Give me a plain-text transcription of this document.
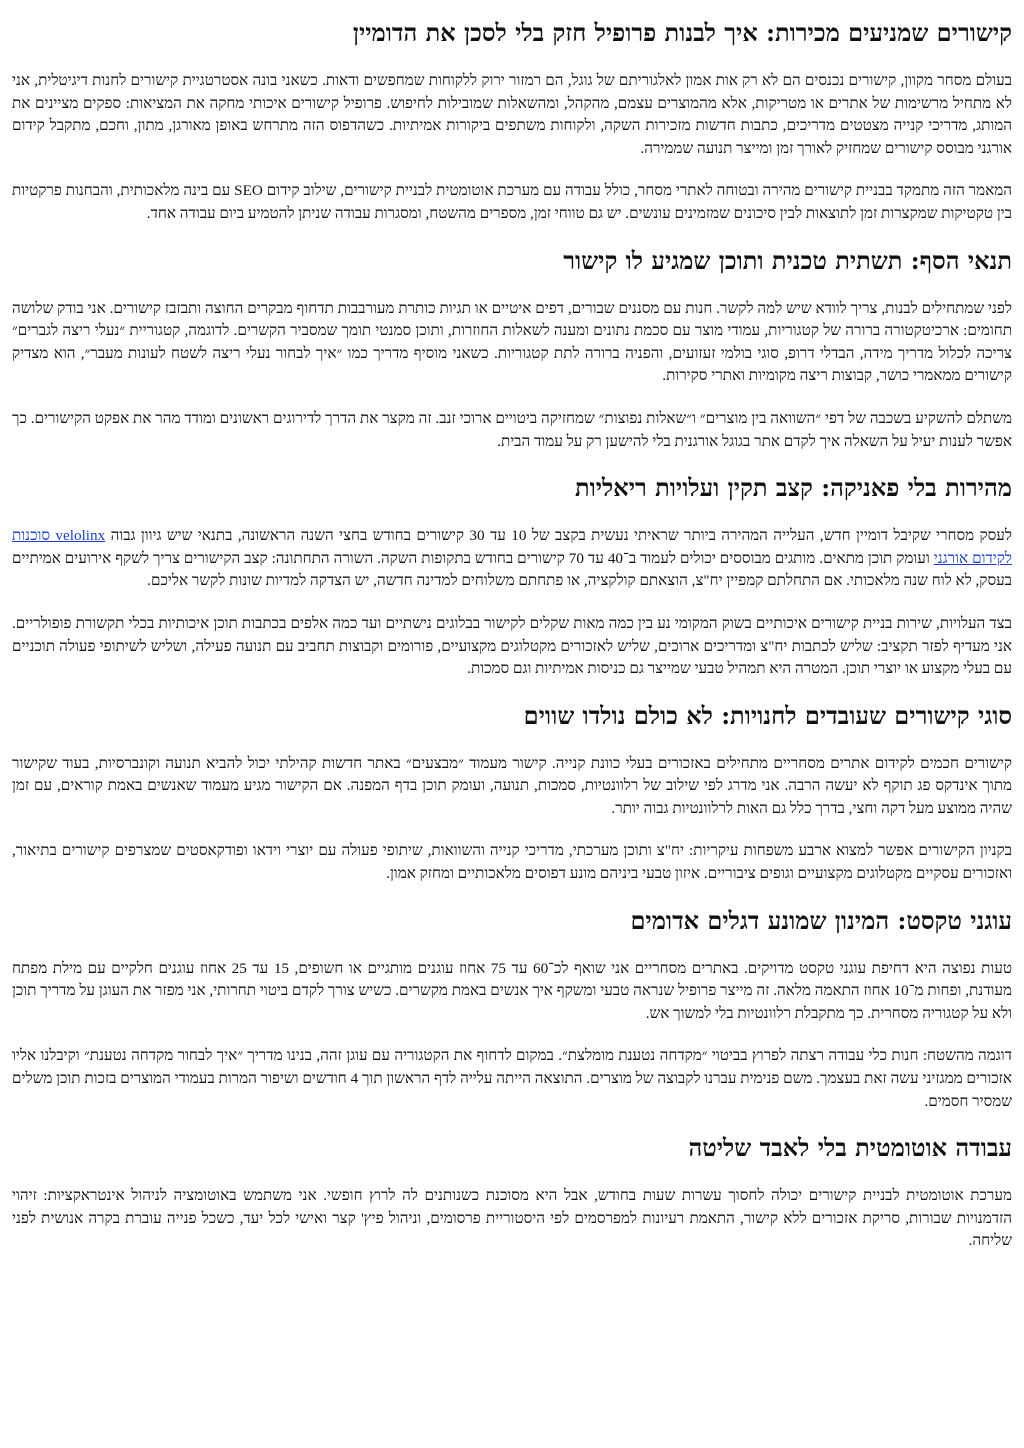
קישורים שמניעים מכירות: איך לבנות פרופיל חזק בלי לסכן את הדומיין

בעולם מסחר מקוון, קישורים נכנסים הם לא רק אות אמון לאלגוריתם של גוגל, הם רמזור ירוק ללקוחות שמחפשים ודאות. כשאני בונה אסטרטגיית קישורים לחנות דיגיטלית, אני לא מתחיל מרשימות של אתרים או מטריקות, אלא מהמוצרים עצמם, מהקהל, ומהשאלות שמובילות לחיפוש. פרופיל קישורים איכותי מחקה את המציאות: ספקים מציינים את המותג, מדריכי קנייה מצטטים מדריכים, כתבות חדשות מזכירות השקה, ולקוחות משתפים ביקורות אמיתיות. כשהדפוס הזה מתרחש באופן מאורגן, מתון, וחכם, מתקבל קידום אורגני מבוסס קישורים שמחזיק לאורך זמן ומייצר תנועה שממירה.

המאמר הזה מתמקד בבניית קישורים מהירה ובטוחה לאתרי מסחר, כולל עבודה עם מערכת אוטומטית לבניית קישורים, שילוב קידום SEO עם בינה מלאכותית, והבחנות פרקטיות בין טקטיקות שמקצרות זמן לתוצאות לבין סיכונים שמזמינים עונשים. יש גם טווחי זמן, מספרים מהשטח, ומסגרות עבודה שניתן להטמיע ביום עבודה אחד.

תנאי הסף: תשתית טכנית ותוכן שמגיע לו קישור

לפני שמתחילים לבנות, צריך לוודא שיש למה לקשר. חנות עם מסננים שבורים, דפים איטיים או תגיות כותרת מעורבבות תדחוף מבקרים החוצה ותבזבז קישורים. אני בודק שלושה תחומים: ארכיטקטורה ברורה של קטגוריות, עמודי מוצר עם סכמת נתונים ומענה לשאלות החוזרות, ותוכן סמנטי תומך שמסביר הקשרים. לדוגמה, קטגוריית ״נעלי ריצה לגברים״ צריכה לכלול מדריך מידה, הבדלי דרופ, סוגי בולמי זעזועים, והפניה ברורה לתת קטגוריות. כשאני מוסיף מדריך כמו ״איך לבחור נעלי ריצה לשטח לעונות מעבר״, הוא מצדיק קישורים ממאמרי כושר, קבוצות ריצה מקומיות ואתרי סקירות.

משתלם להשקיע בשכבה של דפי ״השוואה בין מוצרים״ ו״שאלות נפוצות״ שמחזיקה ביטויים ארוכי זנב. זה מקצר את הדרך לדירוגים ראשונים ומודד מהר את אפקט הקישורים. כך אפשר לענות יעיל על השאלה איך לקדם אתר בגוגל אורגנית בלי להישען רק על עמוד הבית.

מהירות בלי פאניקה: קצב תקין ועלויות ריאליות

לעסק מסחרי שקיבל דומיין חדש, העלייה המהירה ביותר שראיתי נעשית בקצב של 10 עד 30 קישורים בחודש בחצי השנה הראשונה, בתנאי שיש גיוון גבוה velolinx סוכנות לקידום אורגני ועומק תוכן מתאים. מותגים מבוססים יכולים לעמוד ב־40 עד 70 קישורים בחודש בתקופות השקה. השורה התחתונה: קצב הקישורים צריך לשקף אירועים אמיתיים בעסק, לא לוח שנה מלאכותי. אם התחלתם קמפיין יח"צ, הוצאתם קולקציה, או פתחתם משלוחים למדינה חדשה, יש הצדקה למדיות שונות לקשר אליכם.

בצד העלויות, שירות בניית קישורים איכותיים בשוק המקומי נע בין כמה מאות שקלים לקישור בבלוגים נישתיים ועד כמה אלפים בכתבות תוכן איכותיות בכלי תקשורת פופולריים. אני מעדיף לפזר תקציב: שליש לכתבות יח"צ ומדריכים ארוכים, שליש לאזכורים מקטלוגים מקצועיים, פורומים וקבוצות תחביב עם תנועה פעילה, ושליש לשיתופי פעולה תוכניים עם בעלי מקצוע או יוצרי תוכן. המטרה היא תמהיל טבעי שמייצר גם כניסות אמיתיות וגם סמכות.

סוגי קישורים שעובדים לחנויות: לא כולם נולדו שווים

קישורים חכמים לקידום אתרים מסחריים מתחילים באזכורים בעלי כוונת קנייה. קישור מעמוד ״מבצעים״ באתר חדשות קהילתי יכול להביא תנועה וקונברסיות, בעוד שקישור מתוך אינדקס פג תוקף לא יעשה הרבה. אני מדרג לפי שילוב של רלוונטיות, סמכות, תנועה, ועומק תוכן בדף המפנה. אם הקישור מגיע מעמוד שאנשים באמת קוראים, עם זמן שהיה ממוצע מעל דקה וחצי, בדרך כלל גם האות לרלוונטיות גבוה יותר.

בקניון הקישורים אפשר למצוא ארבע משפחות עיקריות: יח"צ ותוכן מערכתי, מדריכי קנייה והשוואות, שיתופי פעולה עם יוצרי וידאו ופודקאסטים שמצרפים קישורים בתיאור, ואזכורים עסקיים מקטלוגים מקצועיים וגופים ציבוריים. איזון טבעי ביניהם מונע דפוסים מלאכותיים ומחזק אמון.

עוגני טקסט: המינון שמונע דגלים אדומים

טעות נפוצה היא דחיפת עוגני טקסט מדויקים. באתרים מסחריים אני שואף לכ־60 עד 75 אחוז עוגנים מותגיים או חשופים, 15 עד 25 אחוז עוגנים חלקיים עם מילת מפתח מעודנת, ופחות מ־10 אחוז התאמה מלאה. זה מייצר פרופיל שנראה טבעי ומשקף איך אנשים באמת מקשרים. כשיש צורך לקדם ביטוי תחרותי, אני מפזר את העוגן על מדריך תוכן ולא על קטגוריה מסחרית. כך מתקבלת רלוונטיות בלי למשוך אש.

דוגמה מהשטח: חנות כלי עבודה רצתה לפרוץ בביטוי ״מקדחה נטענת מומלצת״. במקום לדחוף את הקטגוריה עם עוגן זהה, בנינו מדריך ״איך לבחור מקדחה נטענת״ וקיבלנו אליו אזכורים ממגזיני עשה זאת בעצמך. משם פנימית עברנו לקבוצה של מוצרים. התוצאה הייתה עלייה לדף הראשון תוך 4 חודשים ושיפור המרות בעמודי המוצרים בזכות תוכן משלים שמסיר חסמים.

עבודה אוטומטית בלי לאבד שליטה

מערכת אוטומטית לבניית קישורים יכולה לחסוך עשרות שעות בחודש, אבל היא מסוכנת כשנותנים לה לרוץ חופשי. אני משתמש באוטומציה לניהול אינטראקציות: זיהוי הזדמנויות שבורות, סריקת אזכורים ללא קישור, התאמת רעיונות למפרסמים לפי היסטוריית פרסומים, וניהול פיץ' קצר ואישי לכל יעד, כשכל פנייה עוברת בקרה אנושית לפני שליחה.
